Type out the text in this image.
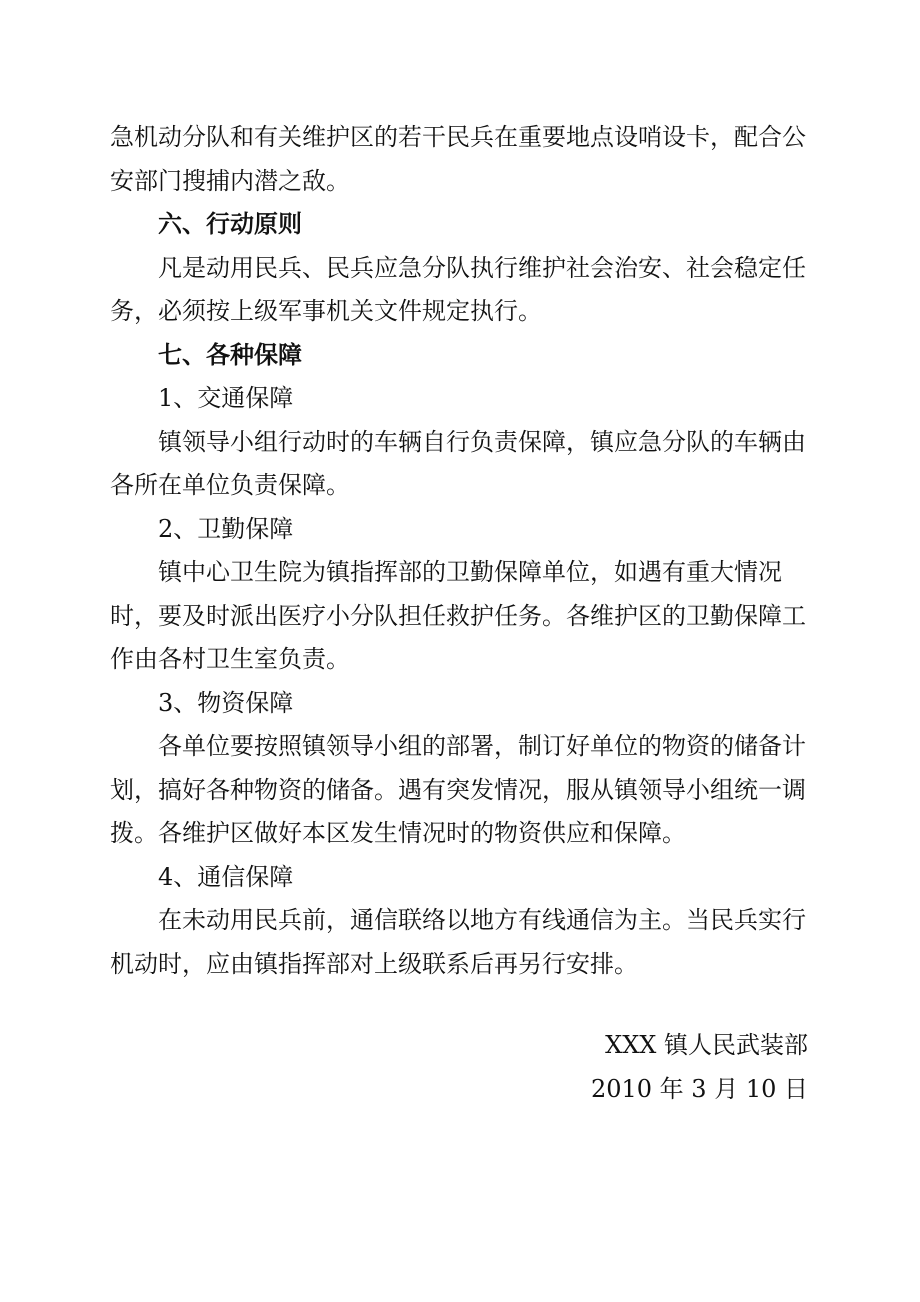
急机动分队和有关维护区的若干民兵在重要地点设哨设卡，配合公安部门搜捕内潜之敌。

六、行动原则

凡是动用民兵、民兵应急分队执行维护社会治安、社会稳定任务，必须按上级军事机关文件规定执行。

七、各种保障

1、交通保障

镇领导小组行动时的车辆自行负责保障，镇应急分队的车辆由各所在单位负责保障。

2、卫勤保障

镇中心卫生院为镇指挥部的卫勤保障单位，如遇有重大情况时，要及时派出医疗小分队担任救护任务。各维护区的卫勤保障工作由各村卫生室负责。

3、物资保障

各单位要按照镇领导小组的部署，制订好单位的物资的储备计划，搞好各种物资的储备。遇有突发情况，服从镇领导小组统一调拨。各维护区做好本区发生情况时的物资供应和保障。

4、通信保障

在未动用民兵前，通信联络以地方有线通信为主。当民兵实行机动时，应由镇指挥部对上级联系后再另行安排。

XXX 镇人民武装部
2010 年 3 月 10 日
